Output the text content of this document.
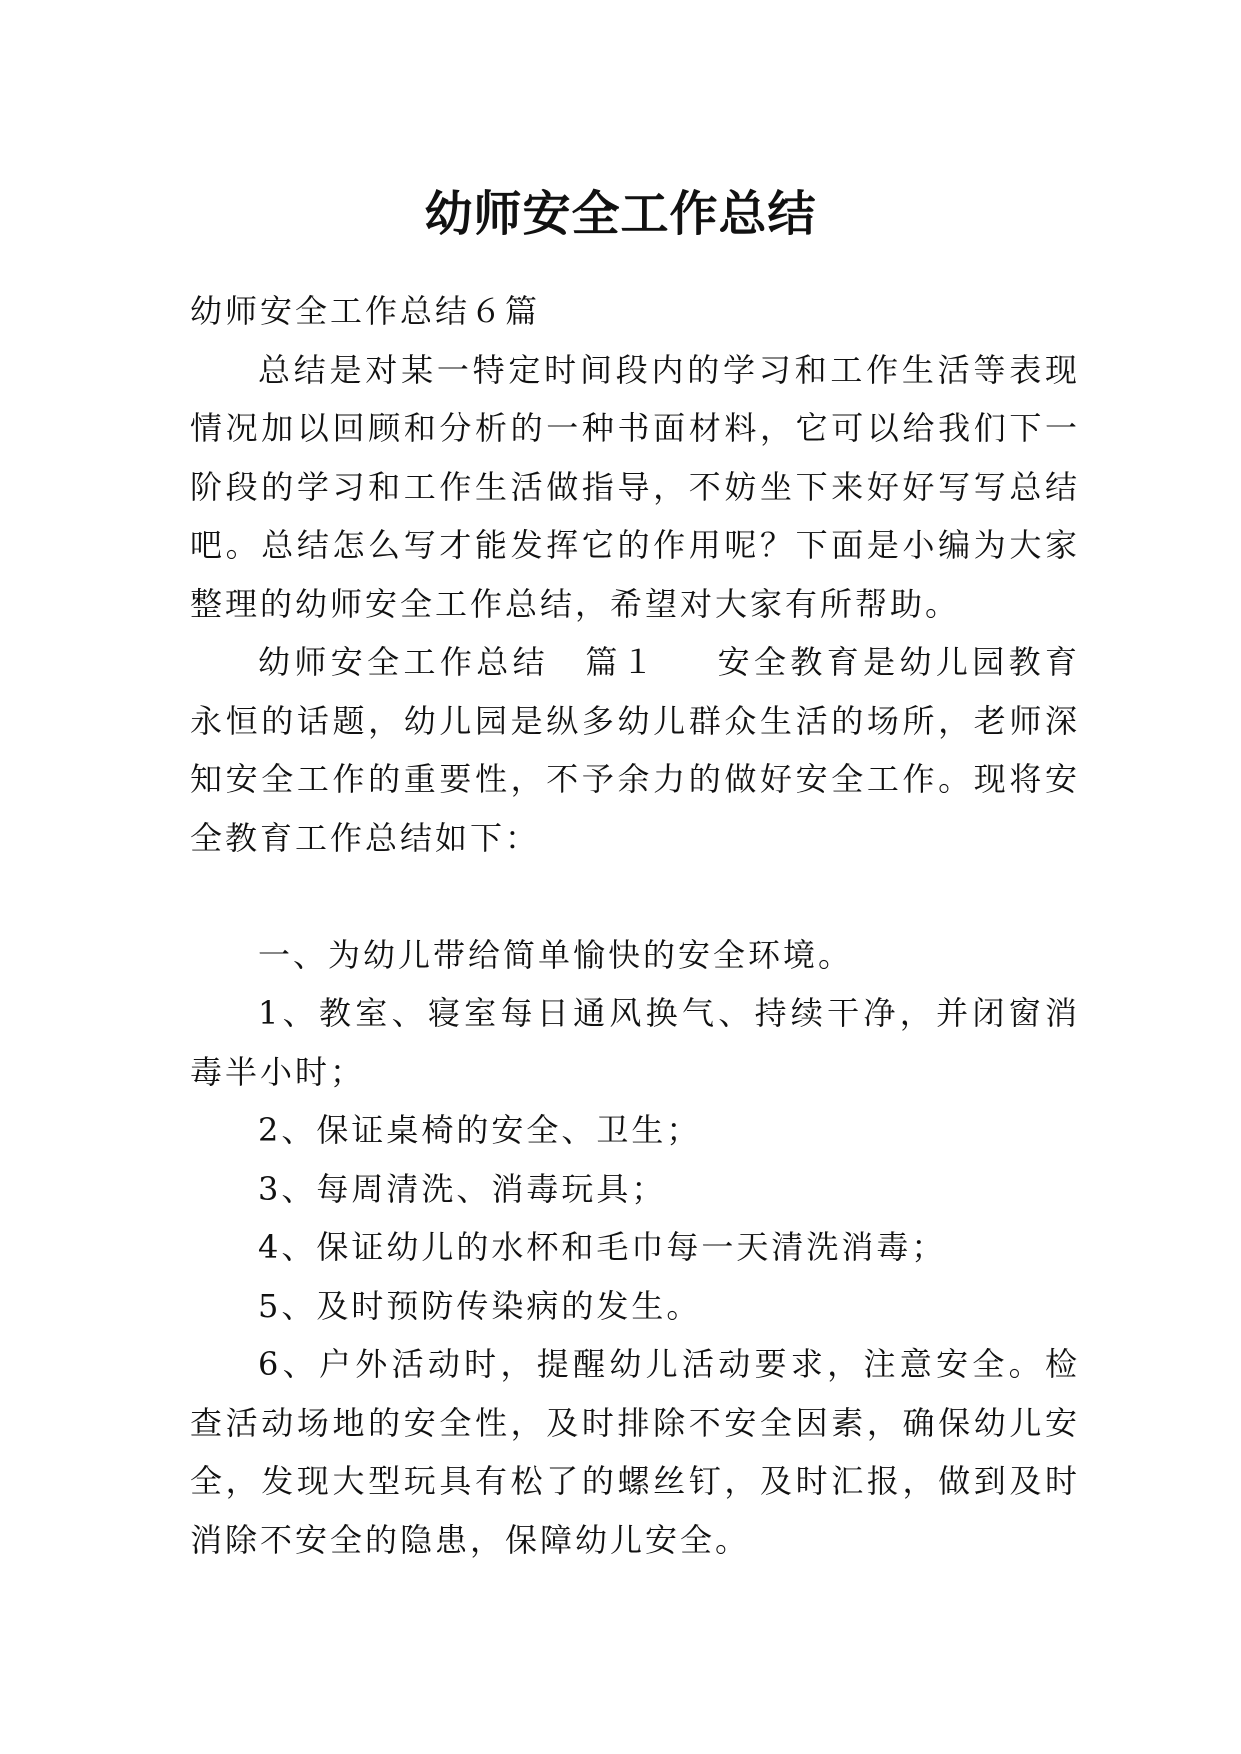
幼师安全工作总结

幼师安全工作总结６篇

总结是对某一特定时间段内的学习和工作生活等表现情况加以回顾和分析的一种书面材料，它可以给我们下一阶段的学习和工作生活做指导，不妨坐下来好好写写总结吧。总结怎么写才能发挥它的作用呢？下面是小编为大家整理的幼师安全工作总结，希望对大家有所帮助。

幼师安全工作总结　篇１ 安全教育是幼儿园教育永恒的话题，幼儿园是纵多幼儿群众生活的场所，老师深知安全工作的重要性，不予余力的做好安全工作。现将安全教育工作总结如下：

一、为幼儿带给简单愉快的安全环境。

1、教室、寝室每日通风换气、持续干净，并闭窗消毒半小时；

2、保证桌椅的安全、卫生；

3、每周清洗、消毒玩具；

4、保证幼儿的水杯和毛巾每一天清洗消毒；

5、及时预防传染病的发生。

6、户外活动时，提醒幼儿活动要求，注意安全。检查活动场地的安全性，及时排除不安全因素，确保幼儿安全，发现大型玩具有松了的螺丝钉，及时汇报，做到及时消除不安全的隐患，保障幼儿安全。
